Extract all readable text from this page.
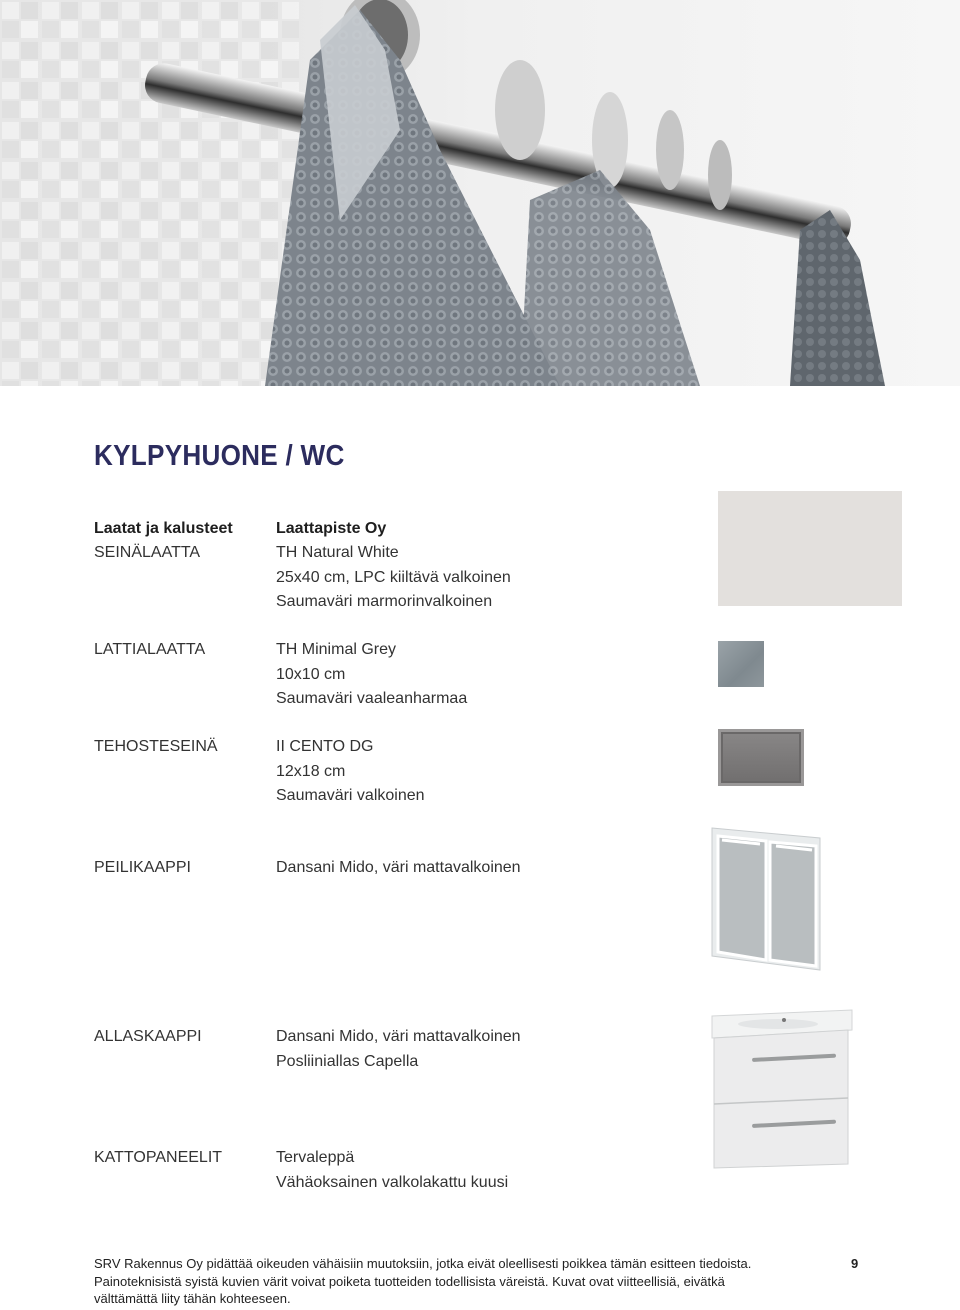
KYLPYHUONE / WC
Laatat ja kalusteet	Laattapiste Oy
SEINÄLAATTA	TH Natural White
25x40 cm, LPC kiiltävä valkoinen
Saumaväri marmorinvalkoinen
LATTIALAATTA	TH Minimal Grey
10x10 cm
Saumaväri vaaleanharmaa
TEHOSTESEINÄ	II CENTO DG
12x18 cm
Saumaväri valkoinen
PEILIKAAPPI	Dansani Mido, väri mattavalkoinen
ALLASKAAPPI	Dansani Mido, väri mattavalkoinen
Posliiniallas Capella
KATTOPANEELIT	Tervaleppä
Vähäoksainen valkolakattu kuusi
SRV Rakennus Oy pidättää oikeuden vähäisiin muutoksiin, jotka eivät oleellisesti poikkea tämän esitteen tiedoista.
Painoteknisistä syistä kuvien värit voivat poiketa tuotteiden todellisista väreistä. Kuvat ovat viitteellisiä, eivätkä
välttämättä liity tähän kohteeseen.
9
